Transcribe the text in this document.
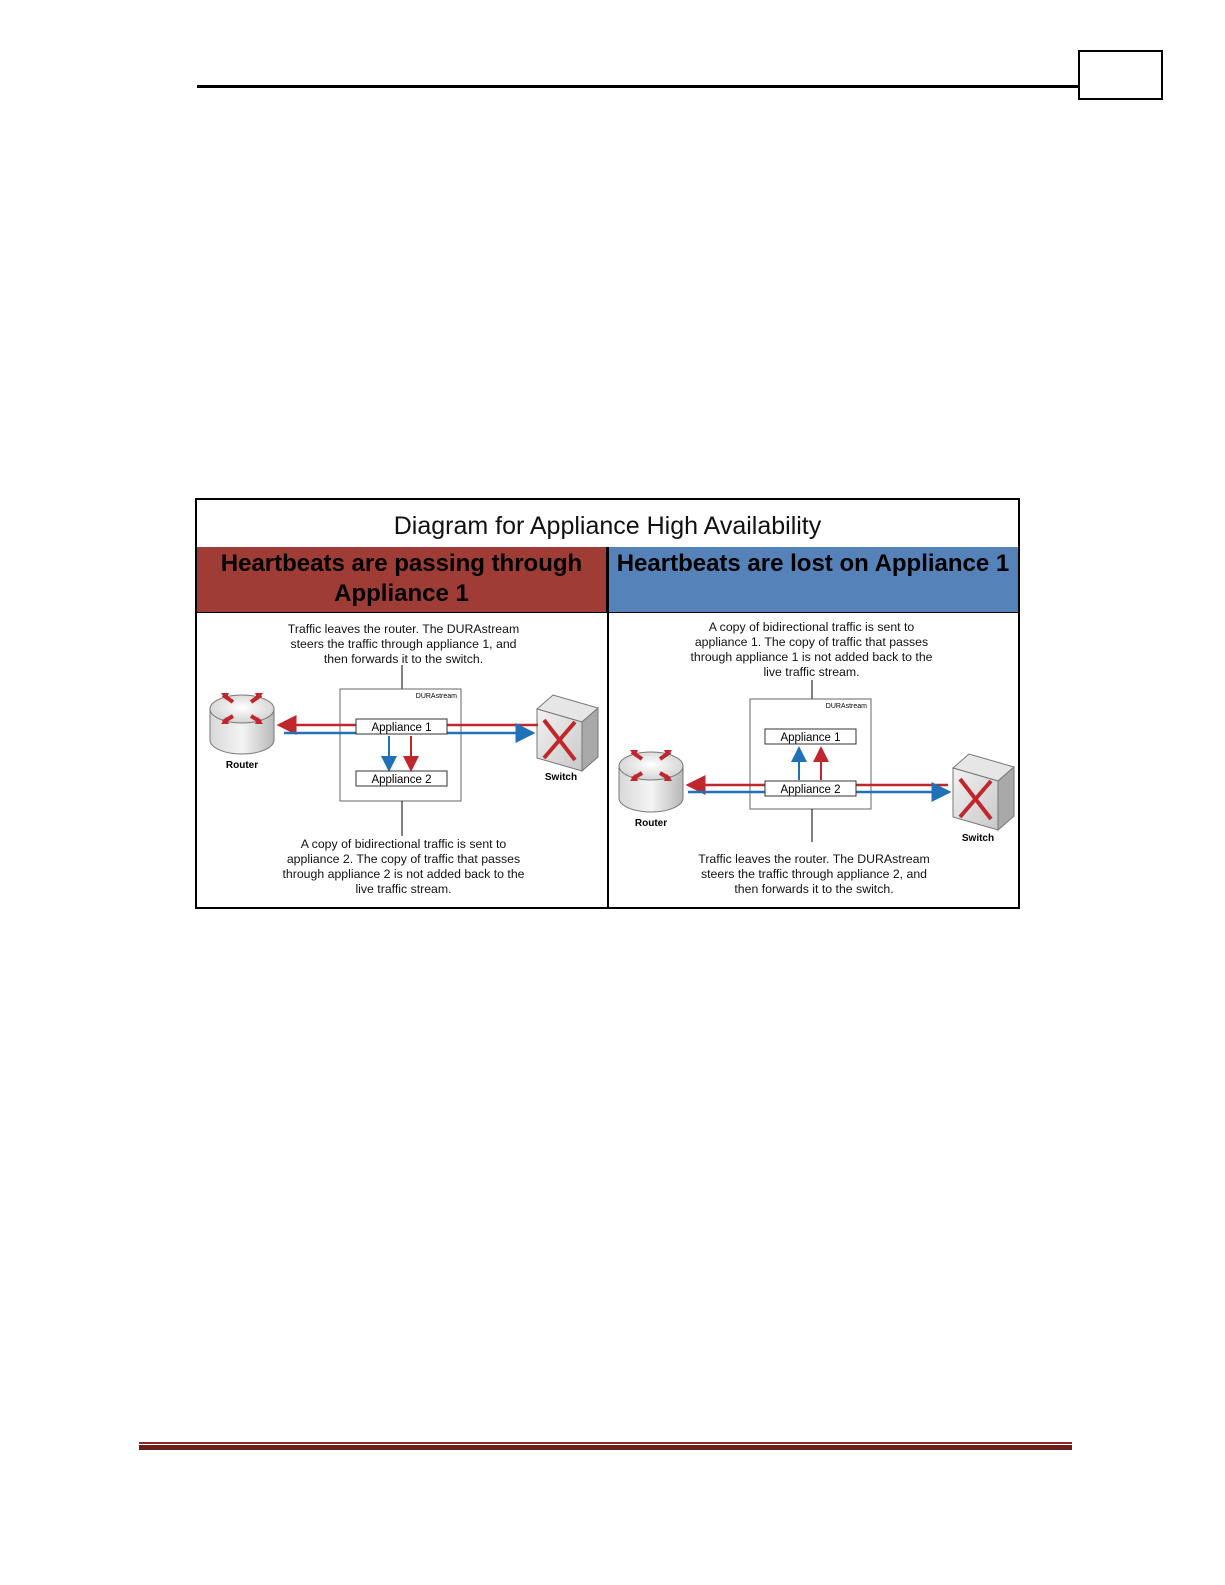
Diagram for Appliance High Availability
Heartbeats are passing through Appliance 1
Heartbeats are lost on Appliance 1
DURAstream
Router
Switch
Appliance 1
Appliance 2
DURAstream
Router
Switch
Appliance 1
Appliance 2
Traffic leaves the router. The DURAstream steers the traffic through appliance 1, and then forwards it to the switch.
A copy of bidirectional traffic is sent to appliance 2. The copy of traffic that passes through appliance 2 is not added back to the live traffic stream.
A copy of bidirectional traffic is sent to appliance 1. The copy of traffic that passes through appliance 1 is not added back to the live traffic stream.
Traffic leaves the router. The DURAstream steers the traffic through appliance 2, and then forwards it to the switch.
